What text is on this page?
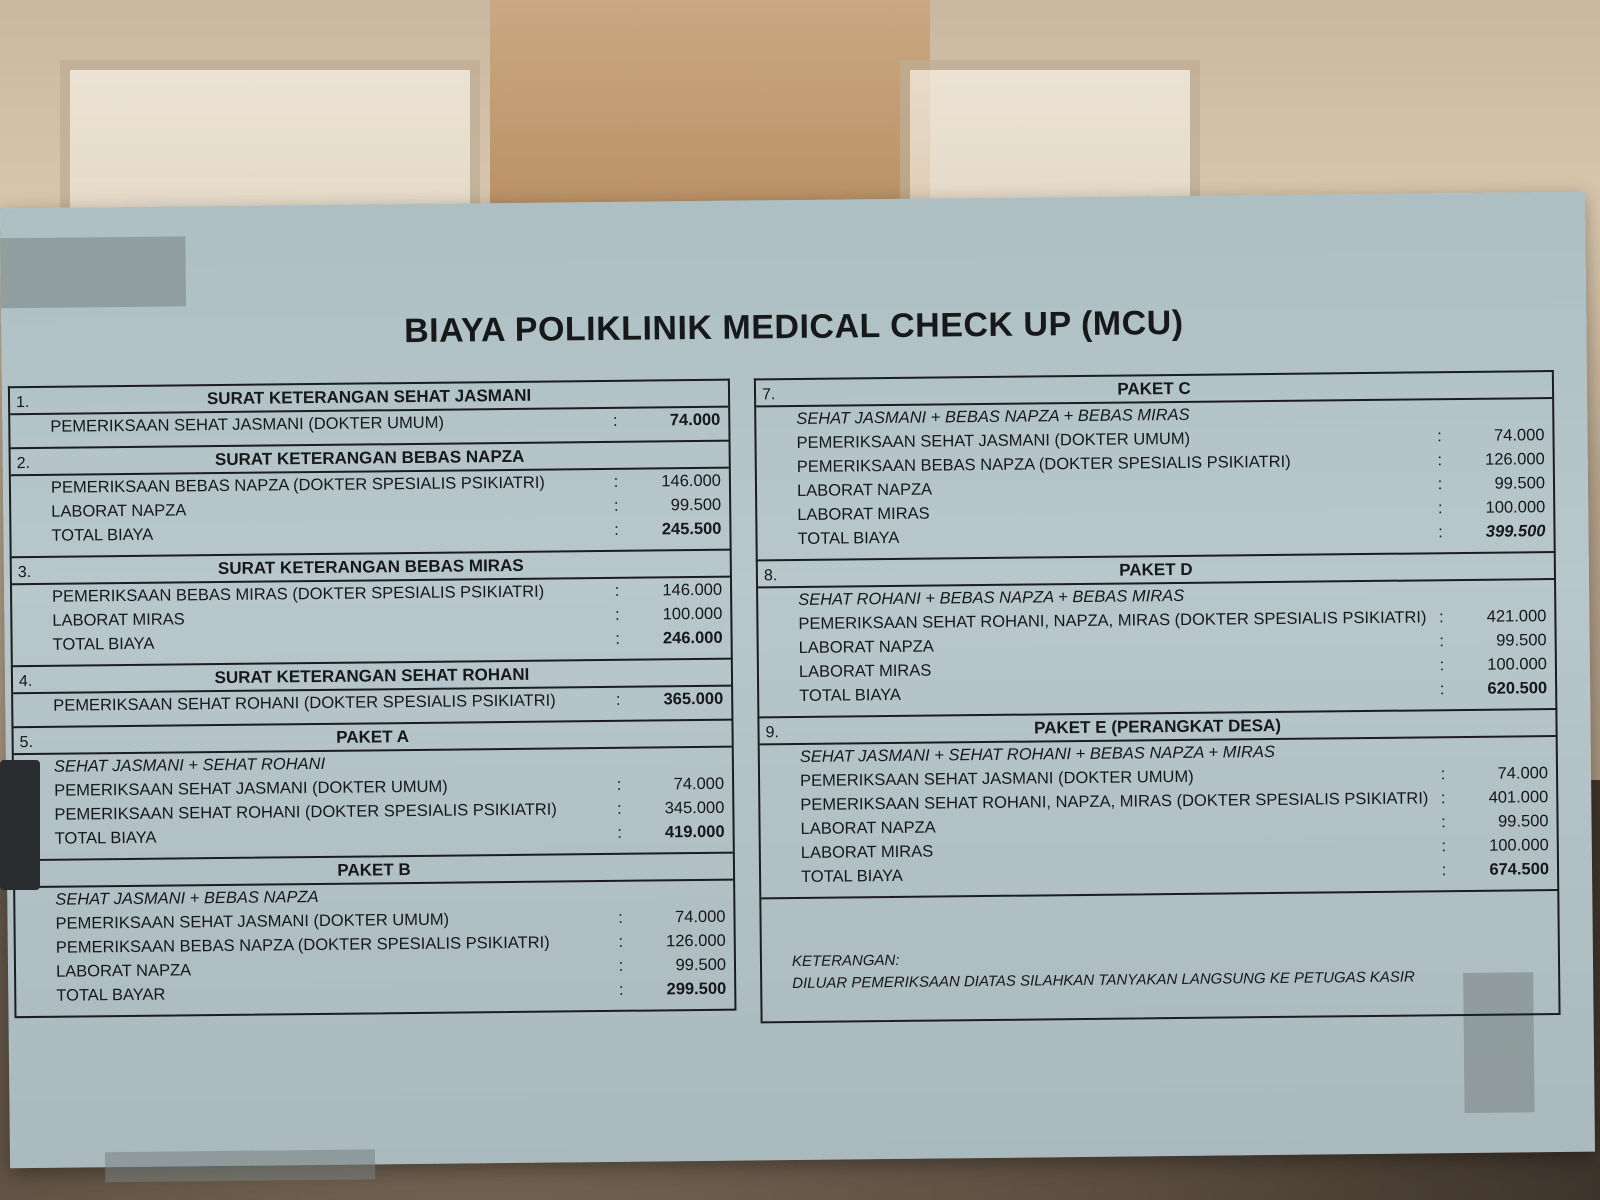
BIAYA POLIKLINIK MEDICAL CHECK UP (MCU)
SURAT KETERANGAN SEHAT JASMANI
1.
PEMERIKSAAN SEHAT JASMANI (DOKTER UMUM)	:	74.000
SURAT KETERANGAN BEBAS NAPZA
2.
PEMERIKSAAN BEBAS NAPZA (DOKTER SPESIALIS PSIKIATRI)	:	146.000
LABORAT NAPZA	:	99.500
TOTAL BIAYA	:	245.500
SURAT KETERANGAN BEBAS MIRAS
3.
PEMERIKSAAN BEBAS MIRAS (DOKTER SPESIALIS PSIKIATRI)	:	146.000
LABORAT MIRAS	:	100.000
TOTAL BIAYA	:	246.000
SURAT KETERANGAN SEHAT ROHANI
4.
PEMERIKSAAN SEHAT ROHANI (DOKTER SPESIALIS PSIKIATRI)	:	365.000
PAKET A
5.
SEHAT JASMANI + SEHAT ROHANI
PEMERIKSAAN SEHAT JASMANI (DOKTER UMUM)	:	74.000
PEMERIKSAAN SEHAT ROHANI (DOKTER SPESIALIS PSIKIATRI)	:	345.000
TOTAL BIAYA	:	419.000
PAKET B
SEHAT JASMANI + BEBAS NAPZA
PEMERIKSAAN SEHAT JASMANI (DOKTER UMUM)	:	74.000
PEMERIKSAAN BEBAS NAPZA (DOKTER SPESIALIS PSIKIATRI)	:	126.000
LABORAT NAPZA	:	99.500
TOTAL BAYAR	:	299.500
PAKET C
7.
SEHAT JASMANI + BEBAS NAPZA + BEBAS MIRAS
PEMERIKSAAN SEHAT JASMANI (DOKTER UMUM)	:	74.000
PEMERIKSAAN BEBAS NAPZA (DOKTER SPESIALIS PSIKIATRI)	:	126.000
LABORAT NAPZA	:	99.500
LABORAT MIRAS	:	100.000
TOTAL BIAYA	:	399.500
PAKET D
8.
SEHAT ROHANI + BEBAS NAPZA + BEBAS MIRAS
PEMERIKSAAN SEHAT ROHANI, NAPZA, MIRAS (DOKTER SPESIALIS PSIKIATRI) :	421.000
LABORAT NAPZA	:	99.500
LABORAT MIRAS	:	100.000
TOTAL BIAYA	:	620.500
PAKET E (PERANGKAT DESA)
9.
SEHAT JASMANI + SEHAT ROHANI + BEBAS NAPZA + MIRAS
PEMERIKSAAN SEHAT JASMANI (DOKTER UMUM)	:	74.000
PEMERIKSAAN SEHAT ROHANI, NAPZA, MIRAS (DOKTER SPESIALIS PSIKIATRI) :	401.000
LABORAT NAPZA	:	99.500
LABORAT MIRAS	:	100.000
TOTAL BIAYA	:	674.500
KETERANGAN:
DILUAR PEMERIKSAAN DIATAS SILAHKAN TANYAKAN LANGSUNG KE PETUGAS KASIR
